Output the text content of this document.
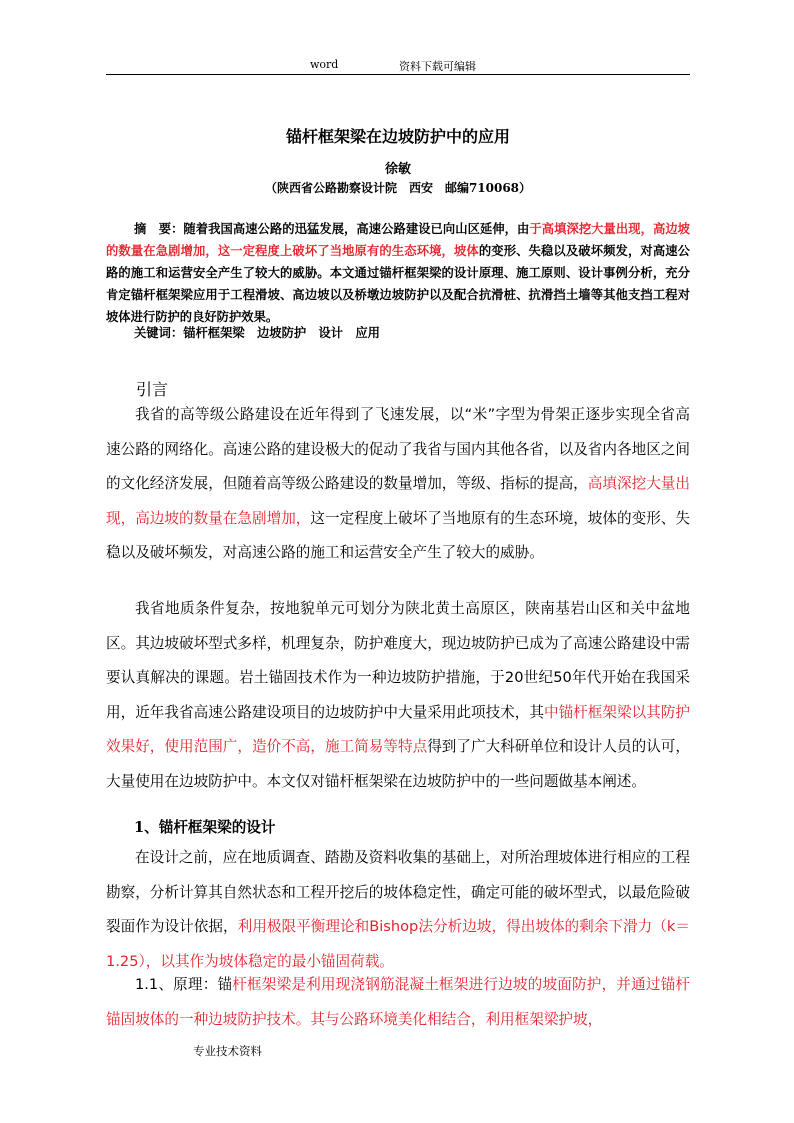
word	资料下载可编辑
锚杆框架梁在边坡防护中的应用
徐敏
（陕西省公路勘察设计院　西安　邮编710068）

摘　要：随着我国高速公路的迅猛发展，高速公路建设已向山区延伸，由于高填深挖大量出现，高边坡的数量在急剧增加，这一定程度上破坏了当地原有的生态环境，坡体的变形、失稳以及破坏频发，对高速公路的施工和运营安全产生了较大的威胁。本文通过锚杆框架梁的设计原理、施工原则、设计事例分析，充分肯定锚杆框架梁应用于工程滑坡、高边坡以及桥墩边坡防护以及配合抗滑桩、抗滑挡土墙等其他支挡工程对坡体进行防护的良好防护效果。

关键词：锚杆框架梁　边坡防护　设计　应用
引言

我省的高等级公路建设在近年得到了飞速发展，以“米”字型为骨架正逐步实现全省高速公路的网络化。高速公路的建设极大的促动了我省与国内其他各省，以及省内各地区之间的文化经济发展，但随着高等级公路建设的数量增加，等级、指标的提高，高填深挖大量出现，高边坡的数量在急剧增加，这一定程度上破坏了当地原有的生态环境，坡体的变形、失稳以及破坏频发，对高速公路的施工和运营安全产生了较大的威胁。

我省地质条件复杂，按地貌单元可划分为陕北黄土高原区，陕南基岩山区和关中盆地区。其边坡破坏型式多样，机理复杂，防护难度大，现边坡防护已成为了高速公路建设中需要认真解决的课题。岩土锚固技术作为一种边坡防护措施，于20世纪50年代开始在我国采用，近年我省高速公路建设项目的边坡防护中大量采用此项技术，其中锚杆框架梁以其防护效果好，使用范围广，造价不高，施工简易等特点得到了广大科研单位和设计人员的认可，大量使用在边坡防护中。本文仅对锚杆框架梁在边坡防护中的一些问题做基本阐述。

1、锚杆框架梁的设计

在设计之前，应在地质调查、踏勘及资料收集的基础上，对所治理坡体进行相应的工程勘察，分析计算其自然状态和工程开挖后的坡体稳定性，确定可能的破坏型式，以最危险破裂面作为设计依据，利用极限平衡理论和Bishop法分析边坡，得出坡体的剩余下滑力（k＝1.25），以其作为坡体稳定的最小锚固荷载。

1.1、原理：锚杆框架梁是利用现浇钢筋混凝土框架进行边坡的坡面防护，并通过锚杆锚固坡体的一种边坡防护技术。其与公路环境美化相结合，利用框架梁护坡，

专业技术资料
